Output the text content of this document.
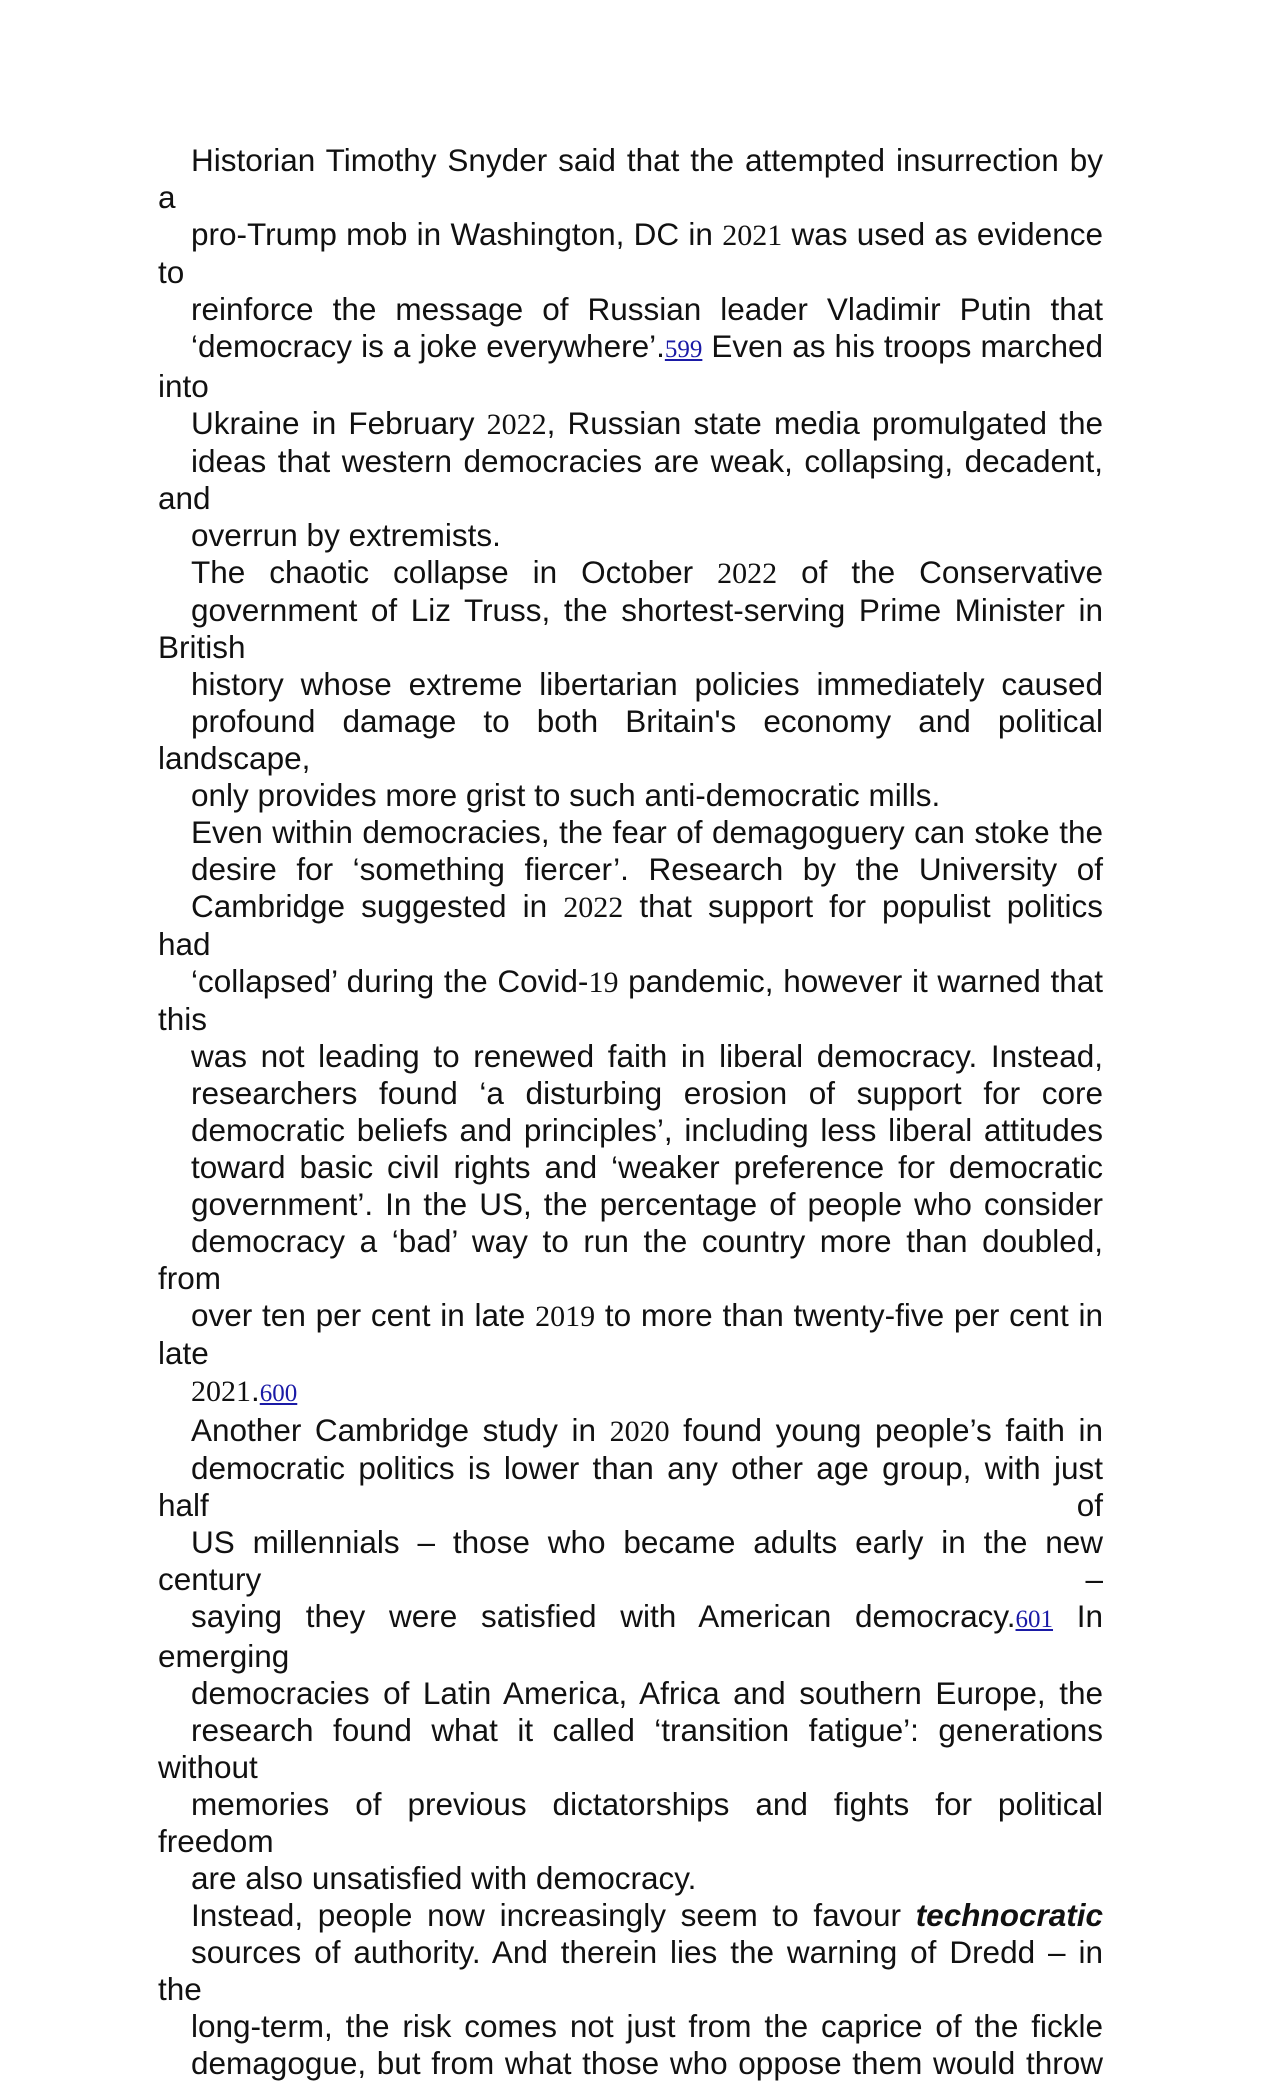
Historian Timothy Snyder said that the attempted insurrection by a
pro-Trump mob in Washington, DC in 2021 was used as evidence to
reinforce the message of Russian leader Vladimir Putin that
‘democracy is a joke everywhere’.599 Even as his troops marched into
Ukraine in February 2022, Russian state media promulgated the
ideas that western democracies are weak, collapsing, decadent, and
overrun by extremists.
The chaotic collapse in October 2022 of the Conservative
government of Liz Truss, the shortest-serving Prime Minister in British
history whose extreme libertarian policies immediately caused
profound damage to both Britain's economy and political landscape,
only provides more grist to such anti-democratic mills.
Even within democracies, the fear of demagoguery can stoke the
desire for ‘something fiercer’. Research by the University of
Cambridge suggested in 2022 that support for populist politics had
‘collapsed’ during the Covid-19 pandemic, however it warned that this
was not leading to renewed faith in liberal democracy. Instead,
researchers found ‘a disturbing erosion of support for core
democratic beliefs and principles’, including less liberal attitudes
toward basic civil rights and ‘weaker preference for democratic
government’. In the US, the percentage of people who consider
democracy a ‘bad’ way to run the country more than doubled, from
over ten per cent in late 2019 to more than twenty-five per cent in late
2021.600
Another Cambridge study in 2020 found young people’s faith in
democratic politics is lower than any other age group, with just half of
US millennials – those who became adults early in the new century –
saying they were satisfied with American democracy.601 In emerging
democracies of Latin America, Africa and southern Europe, the
research found what it called ‘transition fatigue’: generations without
memories of previous dictatorships and fights for political freedom
are also unsatisfied with democracy.
Instead, people now increasingly seem to favour technocratic
sources of authority. And therein lies the warning of Dredd – in the
long-term, the risk comes not just from the caprice of the fickle
demagogue, but from what those who oppose them would throw
